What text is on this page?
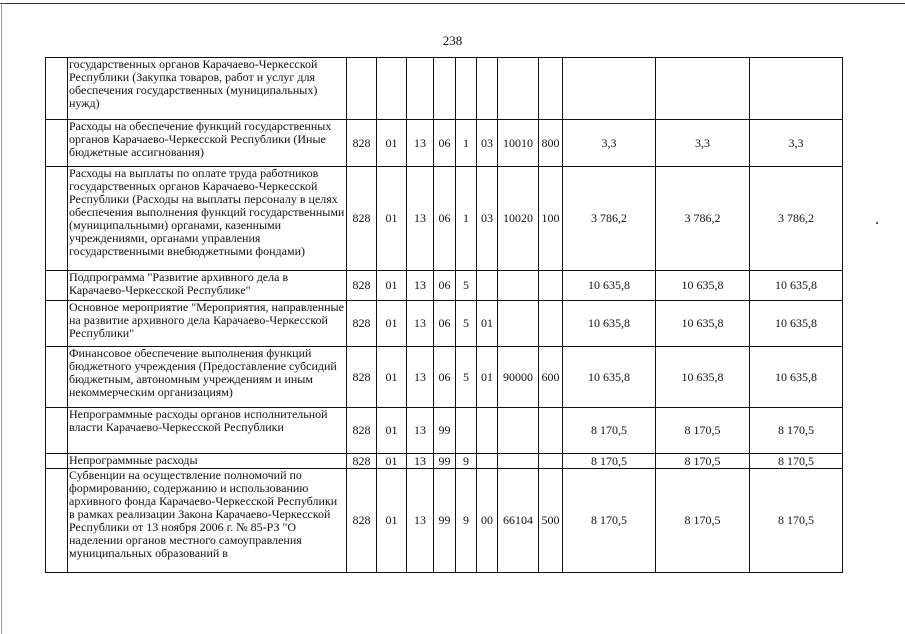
238
	государственных органов Карачаево-Черкесской Республики (Закупка товаров, работ и услуг для обеспечения государственных (муниципальных) нужд)											
	Расходы на обеспечение функций государственных органов Карачаево-Черкесской Республики (Иные бюджетные ассигнования)	828	01	13	06	1	03	10010	800	3,3	3,3	3,3
	Расходы на выплаты по оплате труда работников государственных органов Карачаево-Черкесской Республики (Расходы на выплаты персоналу в целях обеспечения выполнения функций государственными (муниципальными) органами, казенными учреждениями, органами управления государственными внебюджетными фондами)	828	01	13	06	1	03	10020	100	3 786,2	3 786,2	3 786,2
	Подпрограмма "Развитие архивного дела в Карачаево-Черкесской Республике"	828	01	13	06	5				10 635,8	10 635,8	10 635,8
	Основное мероприятие "Мероприятия, направленные на развитие архивного дела Карачаево-Черкесской Республики"	828	01	13	06	5	01			10 635,8	10 635,8	10 635,8
	Финансовое обеспечение выполнения функций бюджетного учреждения (Предоставление субсидий бюджетным, автономным учреждениям и иным некоммерческим организациям)	828	01	13	06	5	01	90000	600	10 635,8	10 635,8	10 635,8
	Непрограммные расходы органов исполнительной власти Карачаево-Черкесской Республики	828	01	13	99					8 170,5	8 170,5	8 170,5
	Непрограммные расходы	828	01	13	99	9				8 170,5	8 170,5	8 170,5
	Субвенции на осуществление полномочий по формированию, содержанию и использованию архивного фонда Карачаево-Черкесской Республики в рамках реализации Закона Карачаево-Черкесской Республики от 13 ноября 2006 г. № 85-РЗ "О наделении органов местного самоуправления муниципальных образований в	828	01	13	99	9	00	66104	500	8 170,5	8 170,5	8 170,5
